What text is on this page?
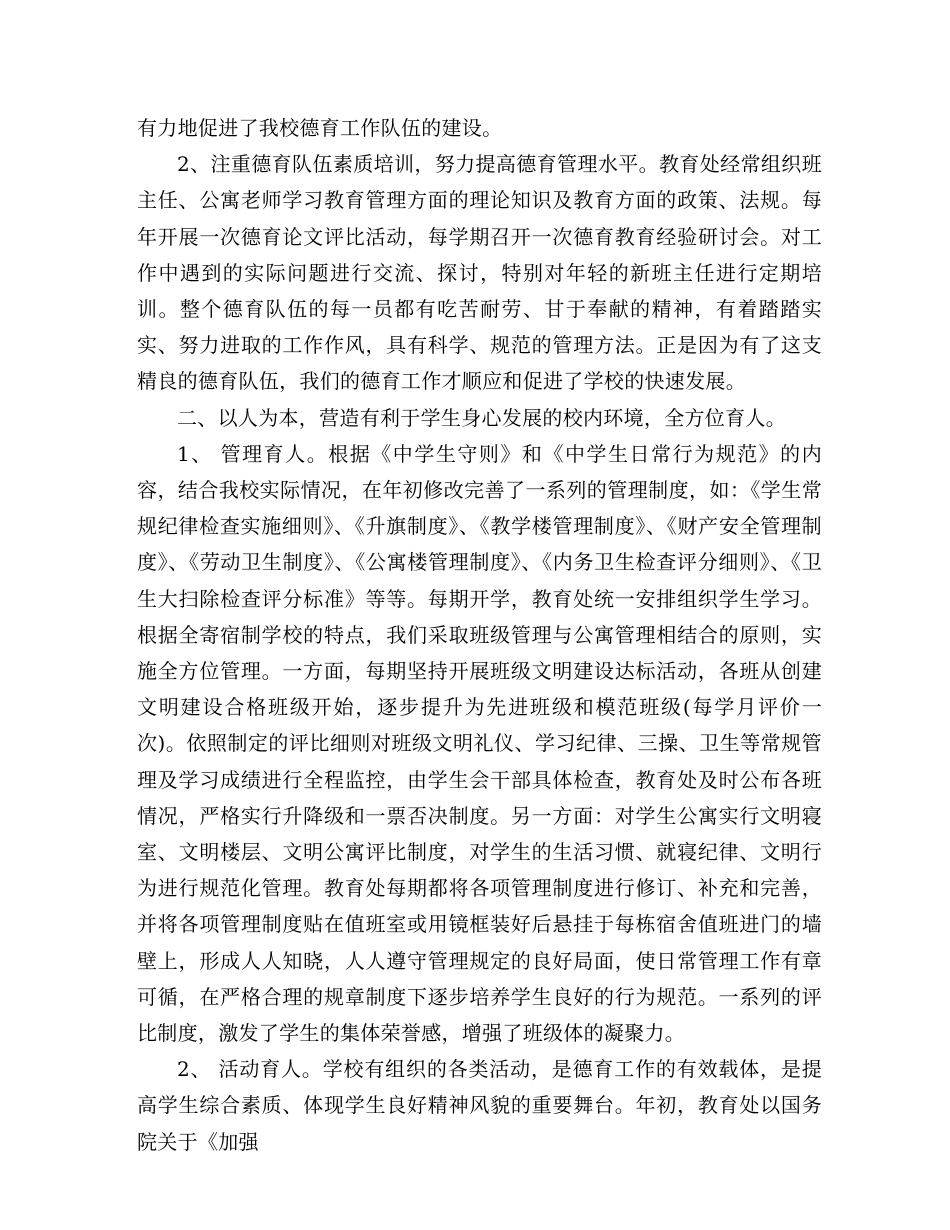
有力地促进了我校德育工作队伍的建设。

2、注重德育队伍素质培训，努力提高德育管理水平。教育处经常组织班主任、公寓老师学习教育管理方面的理论知识及教育方面的政策、法规。每年开展一次德育论文评比活动，每学期召开一次德育教育经验研讨会。对工作中遇到的实际问题进行交流、探讨，特别对年轻的新班主任进行定期培训。整个德育队伍的每一员都有吃苦耐劳、甘于奉献的精神，有着踏踏实实、努力进取的工作作风，具有科学、规范的管理方法。正是因为有了这支精良的德育队伍，我们的德育工作才顺应和促进了学校的快速发展。

二、以人为本，营造有利于学生身心发展的校内环境，全方位育人。

1、 管理育人。根据《中学生守则》和《中学生日常行为规范》的内容，结合我校实际情况，在年初修改完善了一系列的管理制度，如：《学生常规纪律检查实施细则》、《升旗制度》、《教学楼管理制度》、《财产安全管理制度》、《劳动卫生制度》、《公寓楼管理制度》、《内务卫生检查评分细则》、《卫生大扫除检查评分标准》等等。每期开学，教育处统一安排组织学生学习。根据全寄宿制学校的特点，我们采取班级管理与公寓管理相结合的原则，实施全方位管理。一方面，每期坚持开展班级文明建设达标活动，各班从创建文明建设合格班级开始，逐步提升为先进班级和模范班级(每学月评价一次)。依照制定的评比细则对班级文明礼仪、学习纪律、三操、卫生等常规管理及学习成绩进行全程监控，由学生会干部具体检查，教育处及时公布各班情况，严格实行升降级和一票否决制度。另一方面：对学生公寓实行文明寝室、文明楼层、文明公寓评比制度，对学生的生活习惯、就寝纪律、文明行为进行规范化管理。教育处每期都将各项管理制度进行修订、补充和完善，并将各项管理制度贴在值班室或用镜框装好后悬挂于每栋宿舍值班进门的墙壁上，形成人人知晓，人人遵守管理规定的良好局面，使日常管理工作有章可循，在严格合理的规章制度下逐步培养学生良好的行为规范。一系列的评比制度，激发了学生的集体荣誉感，增强了班级体的凝聚力。

2、 活动育人。学校有组织的各类活动，是德育工作的有效载体，是提高学生综合素质、体现学生良好精神风貌的重要舞台。年初，教育处以国务院关于《加强
